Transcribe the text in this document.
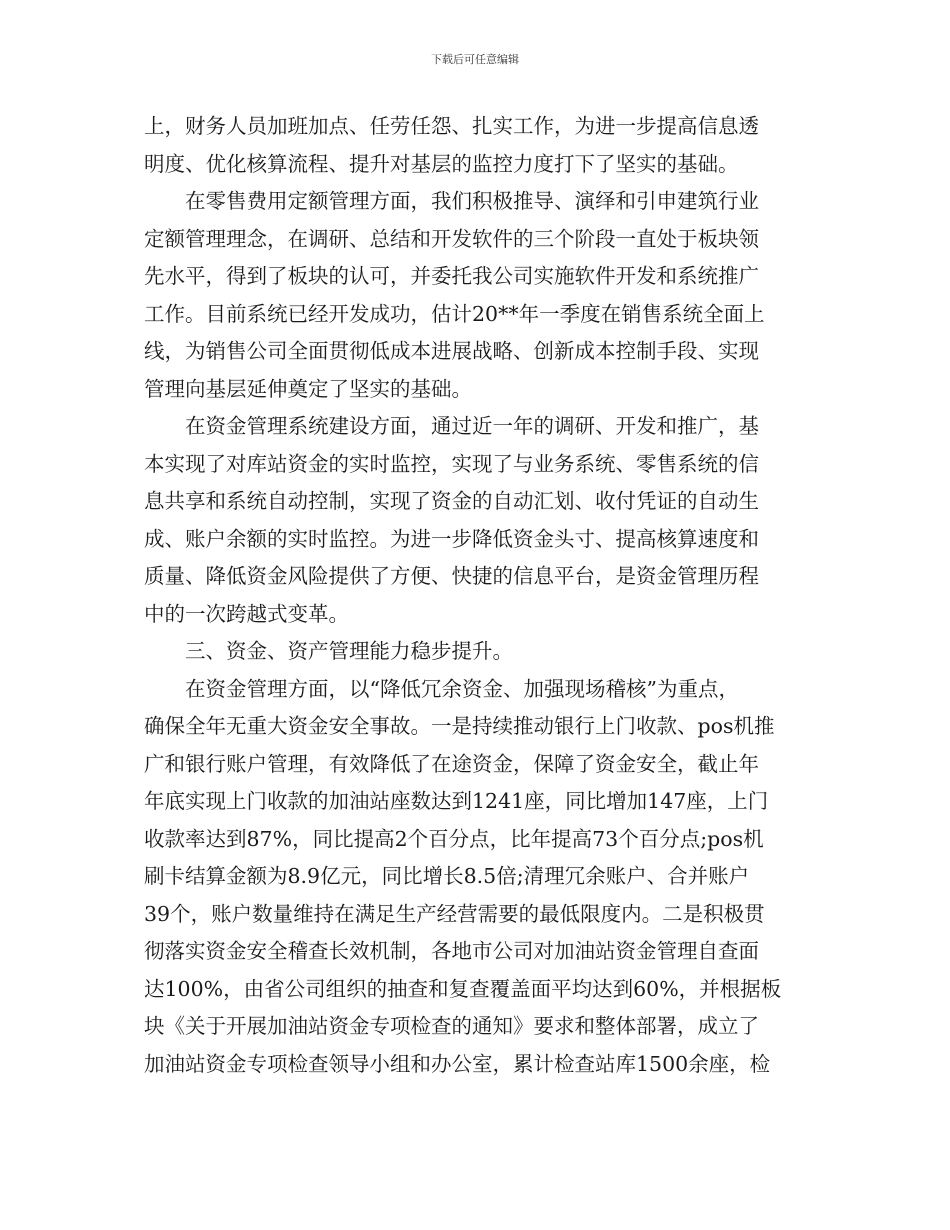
下载后可任意编辑
上，财务人员加班加点、任劳任怨、扎实工作，为进一步提高信息透
明度、优化核算流程、提升对基层的监控力度打下了坚实的基础。
在零售费用定额管理方面，我们积极推导、演绎和引申建筑行业
定额管理理念，在调研、总结和开发软件的三个阶段一直处于板块领
先水平，得到了板块的认可，并委托我公司实施软件开发和系统推广
工作。目前系统已经开发成功，估计20**年一季度在销售系统全面上
线，为销售公司全面贯彻低成本进展战略、创新成本控制手段、实现
管理向基层延伸奠定了坚实的基础。
在资金管理系统建设方面，通过近一年的调研、开发和推广，基
本实现了对库站资金的实时监控，实现了与业务系统、零售系统的信
息共享和系统自动控制，实现了资金的自动汇划、收付凭证的自动生
成、账户余额的实时监控。为进一步降低资金头寸、提高核算速度和
质量、降低资金风险提供了方便、快捷的信息平台，是资金管理历程
中的一次跨越式变革。
三、资金、资产管理能力稳步提升。
在资金管理方面，以“降低冗余资金、加强现场稽核”为重点，
确保全年无重大资金安全事故。一是持续推动银行上门收款、pos机推
广和银行账户管理，有效降低了在途资金，保障了资金安全，截止年
年底实现上门收款的加油站座数达到1241座，同比增加147座，上门
收款率达到87%，同比提高2个百分点，比年提高73个百分点;pos机
刷卡结算金额为8.9亿元，同比增长8.5倍;清理冗余账户、合并账户
39个，账户数量维持在满足生产经营需要的最低限度内。二是积极贯
彻落实资金安全稽查长效机制，各地市公司对加油站资金管理自查面
达100%，由省公司组织的抽查和复查覆盖面平均达到60%，并根据板
块《关于开展加油站资金专项检查的通知》要求和整体部署，成立了
加油站资金专项检查领导小组和办公室，累计检查站库1500余座，检
